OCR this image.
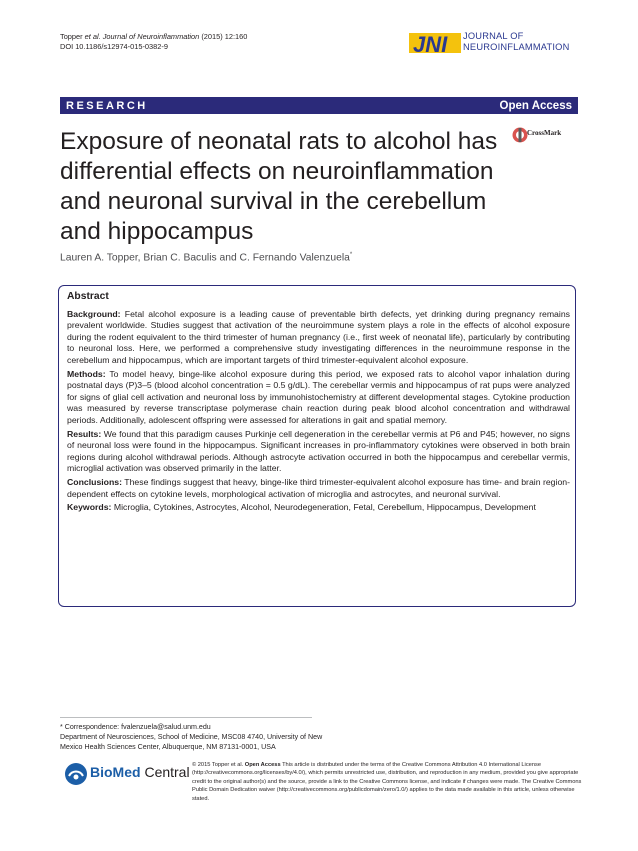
Topper et al. Journal of Neuroinflammation (2015) 12:160
DOI 10.1186/s12974-015-0382-9	JNI JOURNAL OF
NEUROINFLAMMATION
RESEARCH	Open Access
Exposure of neonatal rats to alcohol has differential effects on neuroinflammation and neuronal survival in the cerebellum and hippocampus
CrossMark
Lauren A. Topper, Brian C. Baculis and C. Fernando Valenzuela*
Abstract

Background: Fetal alcohol exposure is a leading cause of preventable birth defects, yet drinking during pregnancy remains prevalent worldwide. Studies suggest that activation of the neuroimmune system plays a role in the effects of alcohol exposure during the rodent equivalent to the third trimester of human pregnancy (i.e., first week of neonatal life), particularly by contributing to neuronal loss. Here, we performed a comprehensive study investigating differences in the neuroimmune response in the cerebellum and hippocampus, which are important targets of third trimester-equivalent alcohol exposure.

Methods: To model heavy, binge-like alcohol exposure during this period, we exposed rats to alcohol vapor inhalation during postnatal days (P)3–5 (blood alcohol concentration = 0.5 g/dL). The cerebellar vermis and hippocampus of rat pups were analyzed for signs of glial cell activation and neuronal loss by immunohistochemistry at different developmental stages. Cytokine production was measured by reverse transcriptase polymerase chain reaction during peak blood alcohol concentration and withdrawal periods. Additionally, adolescent offspring were assessed for alterations in gait and spatial memory.

Results: We found that this paradigm causes Purkinje cell degeneration in the cerebellar vermis at P6 and P45; however, no signs of neuronal loss were found in the hippocampus. Significant increases in pro-inflammatory cytokines were observed in both brain regions during alcohol withdrawal periods. Although astrocyte activation occurred in both the hippocampus and cerebellar vermis, microglial activation was observed primarily in the latter.

Conclusions: These findings suggest that heavy, binge-like third trimester-equivalent alcohol exposure has time- and brain region-dependent effects on cytokine levels, morphological activation of microglia and astrocytes, and neuronal survival.

Keywords: Microglia, Cytokines, Astrocytes, Alcohol, Neurodegeneration, Fetal, Cerebellum, Hippocampus, Development

* Correspondence: fvalenzuela@salud.unm.edu
Department of Neurosciences, School of Medicine, MSC08 4740, University of New Mexico Health Sciences Center, Albuquerque, NM 87131-0001, USA
BioMed Central © 2015 Topper et al. Open Access This article is distributed under the terms of the Creative Commons Attribution 4.0 International License (http://creativecommons.org/licenses/by/4.0/), which permits unrestricted use, distribution, and reproduction in any medium, provided you give appropriate credit to the original author(s) and the source, provide a link to the Creative Commons license, and indicate if changes were made. The Creative Commons Public Domain Dedication waiver (http://creativecommons.org/publicdomain/zero/1.0/) applies to the data made available in this article, unless otherwise stated.
